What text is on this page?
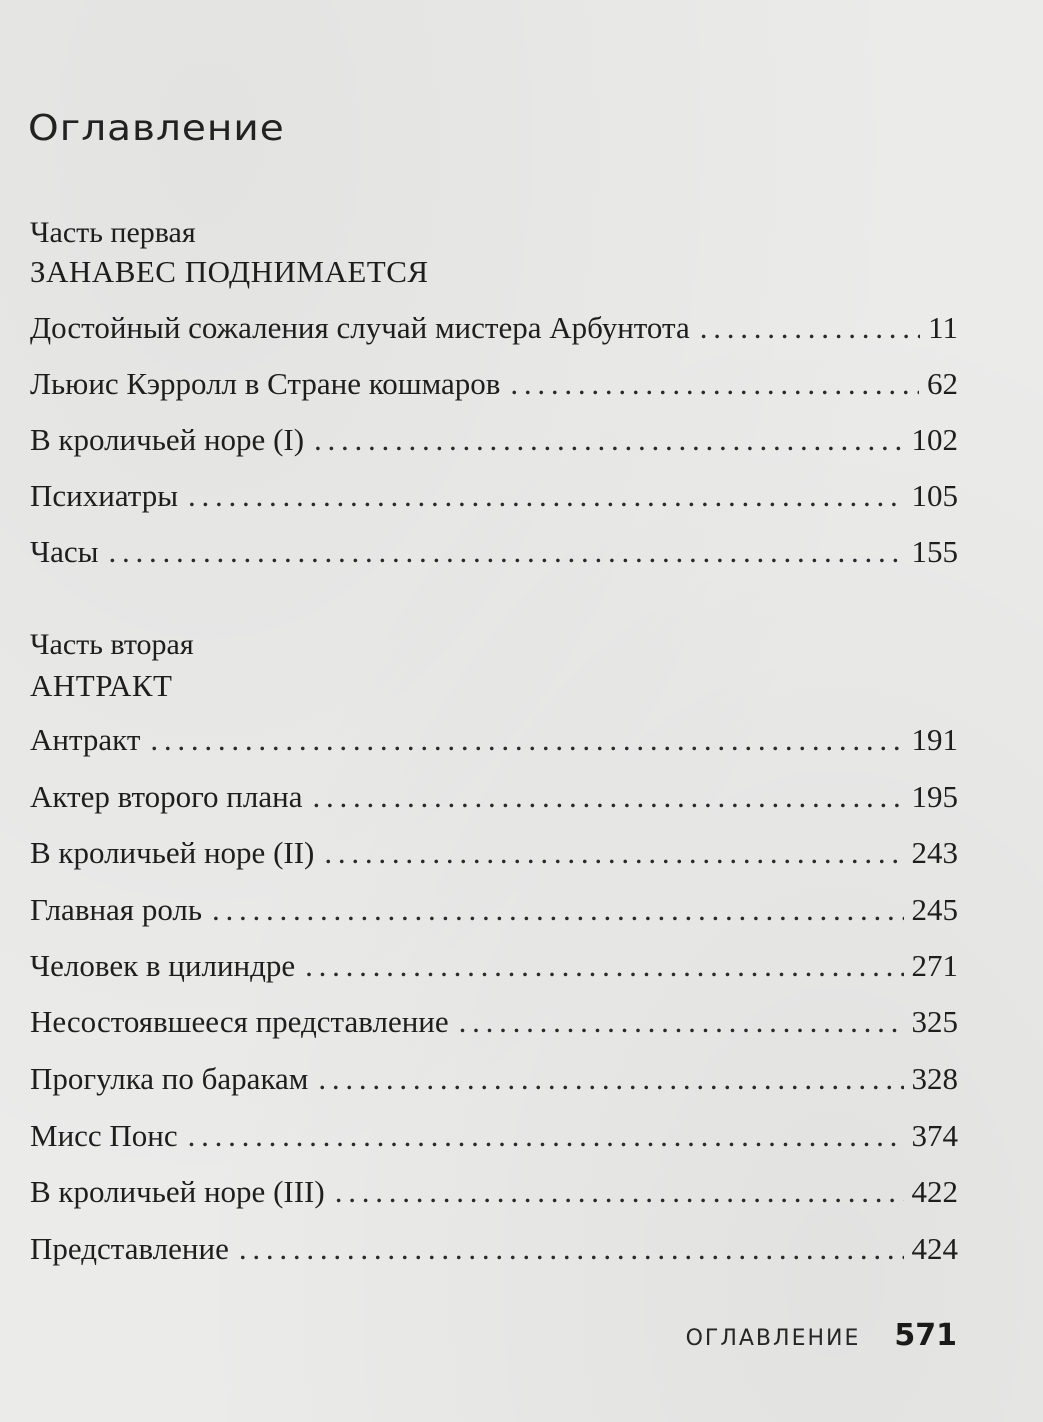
Оглавление
Часть первая
ЗАНАВЕС ПОДНИМАЕТСЯ
Достойный сожаления случай мистера Арбунтота . . .	11
Льюис Кэрролл в Стране кошмаров . . .	62
В кроличьей норе (I) . . .	102
Психиатры . . .	105
Часы . . .	155
Часть вторая
АНТРАКТ
Антракт . . .	191
Актер второго плана . . .	195
В кроличьей норе (II) . . .	243
Главная роль . . .	245
Человек в цилиндре . . .	271
Несостоявшееся представление . . .	325
Прогулка по баракам . . .	328
Мисс Понс . . .	374
В кроличьей норе (III) . . .	422
Представление . . .	424
ОГЛАВЛЕНИЕ 571
